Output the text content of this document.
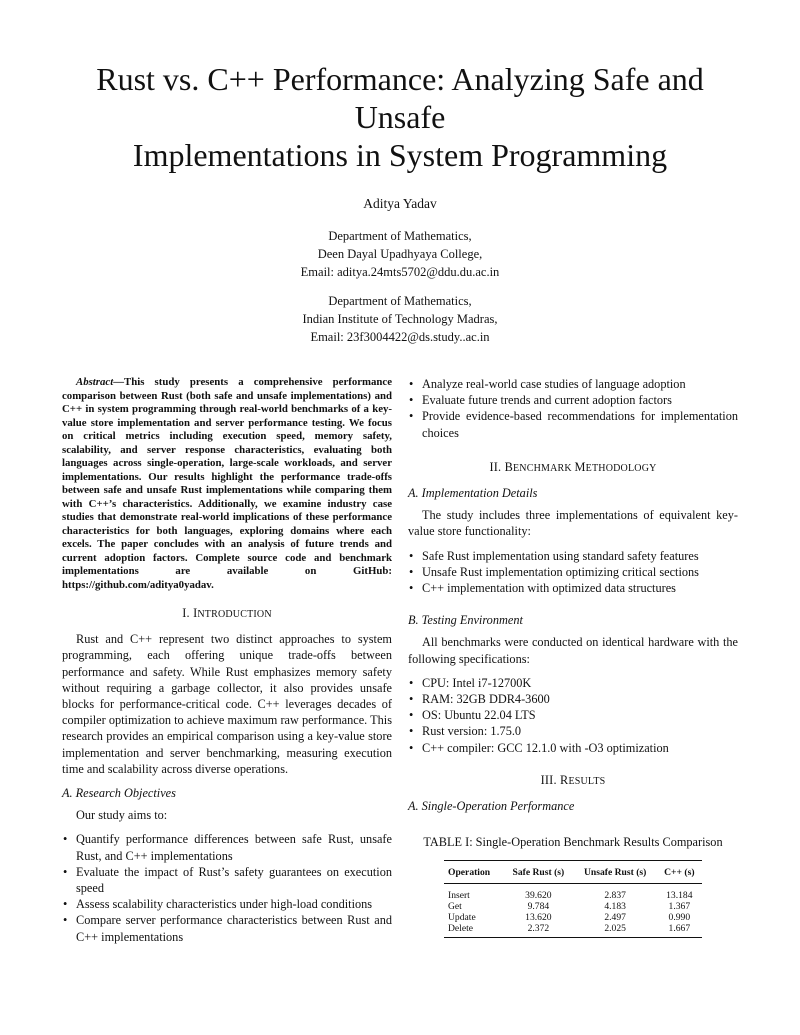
Rust vs. C++ Performance: Analyzing Safe and
Unsafe
Implementations in System Programming
Aditya Yadav
Department of Mathematics,
Deen Dayal Upadhyaya College,
Email: aditya.24mts5702@ddu.du.ac.in
Department of Mathematics,
Indian Institute of Technology Madras,
Email: 23f3004422@ds.study..ac.in

Abstract—This study presents a comprehensive performance comparison between Rust (both safe and unsafe implementations) and C++ in system programming through real-world benchmarks of a key-value store implementation and server performance testing. We focus on critical metrics including execution speed, memory safety, scalability, and server response characteristics, evaluating both languages across single-operation, large-scale workloads, and server implementations. Our results highlight the performance trade-offs between safe and unsafe Rust implementations while comparing them with C++’s characteristics. Additionally, we examine industry case studies that demonstrate real-world implications of these performance characteristics for both languages, exploring domains where each excels. The paper concludes with an analysis of future trends and current adoption factors. Complete source code and benchmark implementations are available on GitHub: https://github.com/aditya0yadav.

I. INTRODUCTION

Rust and C++ represent two distinct approaches to system programming, each offering unique trade-offs between performance and safety. While Rust emphasizes memory safety without requiring a garbage collector, it also provides unsafe blocks for performance-critical code. C++ leverages decades of compiler optimization to achieve maximum raw performance. This research provides an empirical comparison using a key-value store implementation and server benchmarking, measuring execution time and scalability across diverse operations.

A. Research Objectives

Our study aims to:

• Quantify performance differences between safe Rust, unsafe Rust, and C++ implementations
• Evaluate the impact of Rust’s safety guarantees on execution speed
• Assess scalability characteristics under high-load conditions
• Compare server performance characteristics between Rust and C++ implementations
• Analyze real-world case studies of language adoption
• Evaluate future trends and current adoption factors
• Provide evidence-based recommendations for implementation choices
II. BENCHMARK METHODOLOGY
A. Implementation Details

The study includes three implementations of equivalent key-value store functionality:

• Safe Rust implementation using standard safety features
• Unsafe Rust implementation optimizing critical sections
• C++ implementation with optimized data structures
B. Testing Environment

All benchmarks were conducted on identical hardware with the following specifications:

• CPU: Intel i7-12700K
• RAM: 32GB DDR4-3600
• OS: Ubuntu 22.04 LTS
• Rust version: 1.75.0
• C++ compiler: GCC 12.1.0 with -O3 optimization
III. RESULTS
A. Single-Operation Performance
TABLE I: Single-Operation Benchmark Results Comparison
Operation	Safe Rust (s)	Unsafe Rust (s)	C++ (s)
Insert	39.620	2.837	13.184
Get	9.784	4.183	1.367
Update	13.620	2.497	0.990
Delete	2.372	2.025	1.667
